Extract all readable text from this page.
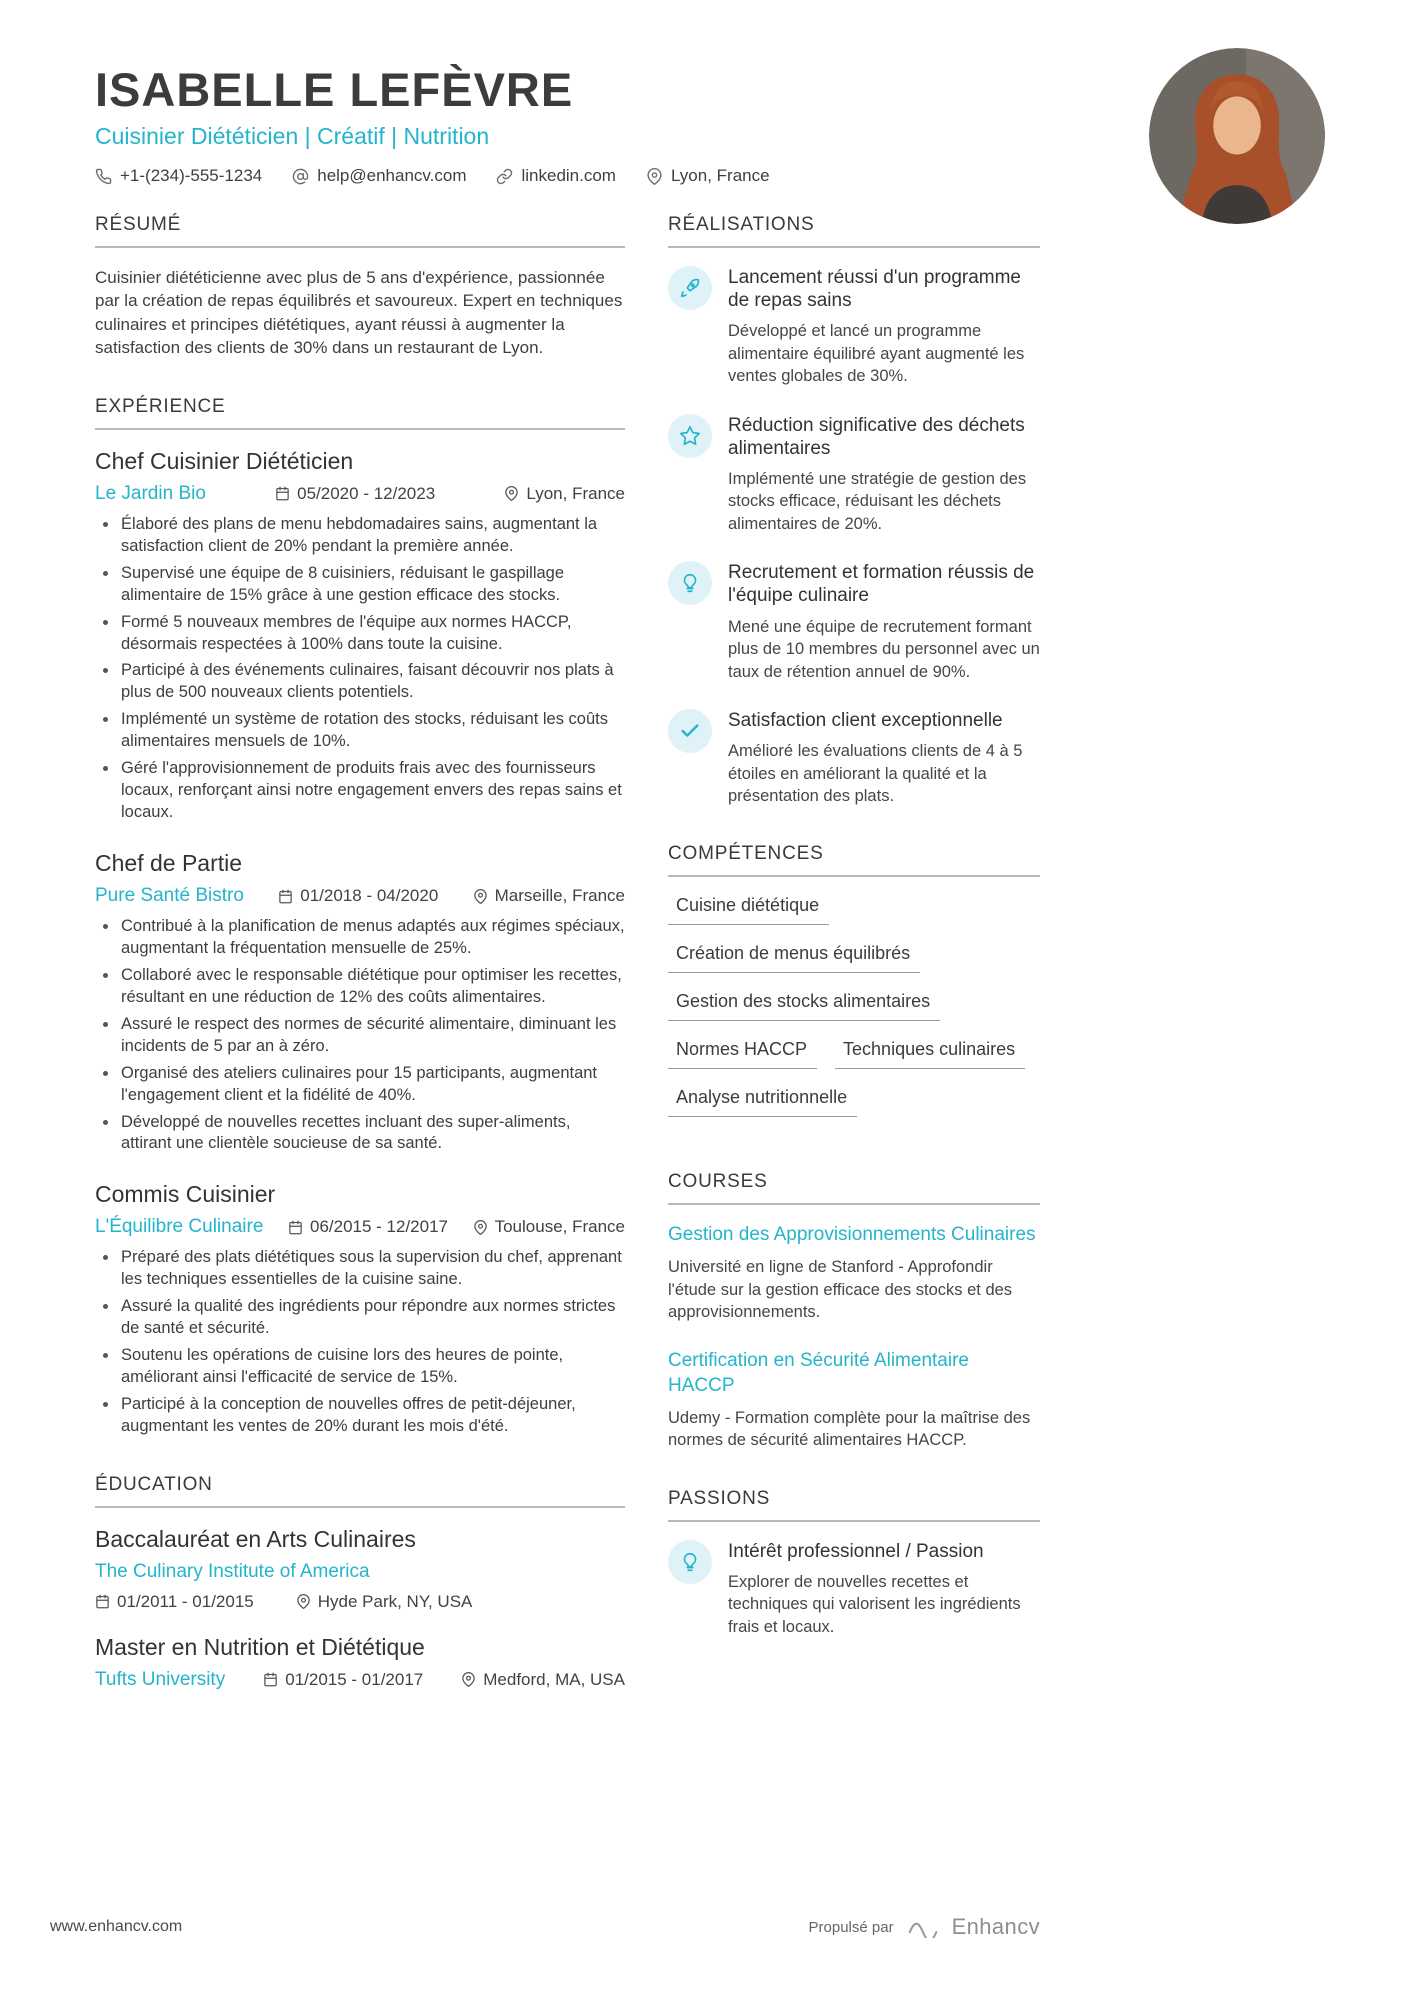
ISABELLE LEFÈVRE
Cuisinier Diététicien | Créatif | Nutrition
+1-(234)-555-1234	help@enhancv.com	linkedin.com	Lyon, France
RÉSUMÉ

Cuisinier diététicienne avec plus de 5 ans d'expérience, passionnée par la création de repas équilibrés et savoureux. Expert en techniques culinaires et principes diététiques, ayant réussi à augmenter la satisfaction des clients de 30% dans un restaurant de Lyon.

EXPÉRIENCE
Chef Cuisinier Diététicien
Le Jardin Bio	05/2020 - 12/2023	Lyon, France
• Élaboré des plans de menu hebdomadaires sains, augmentant la satisfaction client de 20% pendant la première année.
• Supervisé une équipe de 8 cuisiniers, réduisant le gaspillage alimentaire de 15% grâce à une gestion efficace des stocks.
• Formé 5 nouveaux membres de l'équipe aux normes HACCP, désormais respectées à 100% dans toute la cuisine.
• Participé à des événements culinaires, faisant découvrir nos plats à plus de 500 nouveaux clients potentiels.
• Implémenté un système de rotation des stocks, réduisant les coûts alimentaires mensuels de 10%.
• Géré l'approvisionnement de produits frais avec des fournisseurs locaux, renforçant ainsi notre engagement envers des repas sains et locaux.
Chef de Partie
Pure Santé Bistro	01/2018 - 04/2020	Marseille, France
• Contribué à la planification de menus adaptés aux régimes spéciaux, augmentant la fréquentation mensuelle de 25%.
• Collaboré avec le responsable diététique pour optimiser les recettes, résultant en une réduction de 12% des coûts alimentaires.
• Assuré le respect des normes de sécurité alimentaire, diminuant les incidents de 5 par an à zéro.
• Organisé des ateliers culinaires pour 15 participants, augmentant l'engagement client et la fidélité de 40%.
• Développé de nouvelles recettes incluant des super-aliments, attirant une clientèle soucieuse de sa santé.
Commis Cuisinier
L'Équilibre Culinaire	06/2015 - 12/2017	Toulouse, France
• Préparé des plats diététiques sous la supervision du chef, apprenant les techniques essentielles de la cuisine saine.
• Assuré la qualité des ingrédients pour répondre aux normes strictes de santé et sécurité.
• Soutenu les opérations de cuisine lors des heures de pointe, améliorant ainsi l'efficacité de service de 15%.
• Participé à la conception de nouvelles offres de petit-déjeuner, augmentant les ventes de 20% durant les mois d'été.
ÉDUCATION
Baccalauréat en Arts Culinaires
The Culinary Institute of America
01/2011 - 01/2015	Hyde Park, NY, USA
Master en Nutrition et Diététique
Tufts University	01/2015 - 01/2017	Medford, MA, USA
RÉALISATIONS
Lancement réussi d'un programme de repas sains

Développé et lancé un programme alimentaire équilibré ayant augmenté les ventes globales de 30%.

Réduction significative des déchets alimentaires

Implémenté une stratégie de gestion des stocks efficace, réduisant les déchets alimentaires de 20%.

Recrutement et formation réussis de l'équipe culinaire

Mené une équipe de recrutement formant plus de 10 membres du personnel avec un taux de rétention annuel de 90%.

Satisfaction client exceptionnelle

Amélioré les évaluations clients de 4 à 5 étoiles en améliorant la qualité et la présentation des plats.

COMPÉTENCES
Cuisine diététique
Création de menus équilibrés
Gestion des stocks alimentaires
Normes HACCP	Techniques culinaires
Analyse nutritionnelle
COURSES
Gestion des Approvisionnements Culinaires

Université en ligne de Stanford - Approfondir l'étude sur la gestion efficace des stocks et des approvisionnements.

Certification en Sécurité Alimentaire HACCP

Udemy - Formation complète pour la maîtrise des normes de sécurité alimentaires HACCP.

PASSIONS
Intérêt professionnel / Passion

Explorer de nouvelles recettes et techniques qui valorisent les ingrédients frais et locaux.

www.enhancv.com	Propulsé par	Enhancv
